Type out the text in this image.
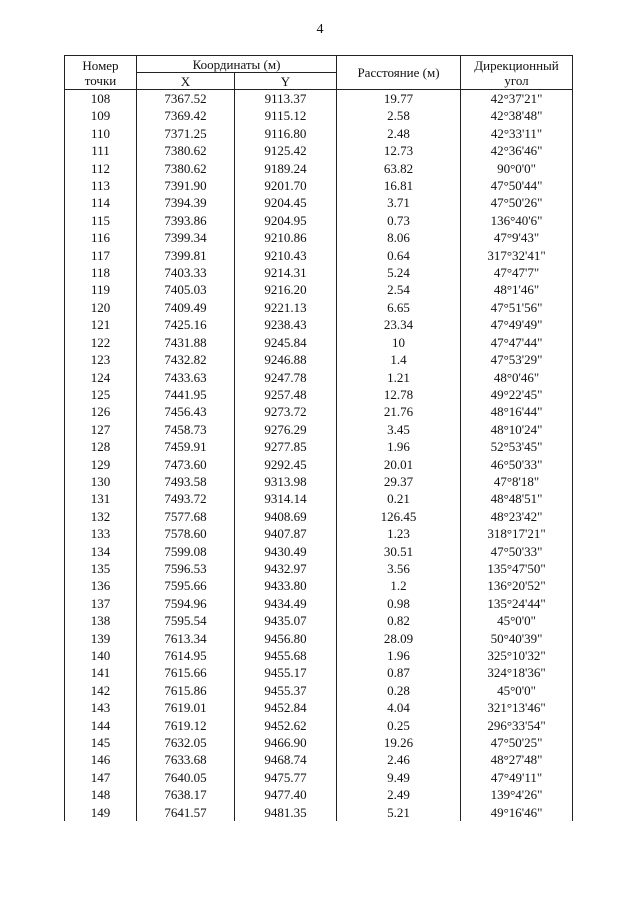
4
Номер
точки	Координаты (м)		Расстояние (м)	Дирекционный
угол
	X	Y		
108	7367.52	9113.37	19.77	42°37'21"
109	7369.42	9115.12	2.58	42°38'48"
110	7371.25	9116.80	2.48	42°33'11"
111	7380.62	9125.42	12.73	42°36'46"
112	7380.62	9189.24	63.82	90°0'0"
113	7391.90	9201.70	16.81	47°50'44"
114	7394.39	9204.45	3.71	47°50'26"
115	7393.86	9204.95	0.73	136°40'6"
116	7399.34	9210.86	8.06	47°9'43"
117	7399.81	9210.43	0.64	317°32'41"
118	7403.33	9214.31	5.24	47°47'7"
119	7405.03	9216.20	2.54	48°1'46"
120	7409.49	9221.13	6.65	47°51'56"
121	7425.16	9238.43	23.34	47°49'49"
122	7431.88	9245.84	10	47°47'44"
123	7432.82	9246.88	1.4	47°53'29"
124	7433.63	9247.78	1.21	48°0'46"
125	7441.95	9257.48	12.78	49°22'45"
126	7456.43	9273.72	21.76	48°16'44"
127	7458.73	9276.29	3.45	48°10'24"
128	7459.91	9277.85	1.96	52°53'45"
129	7473.60	9292.45	20.01	46°50'33"
130	7493.58	9313.98	29.37	47°8'18"
131	7493.72	9314.14	0.21	48°48'51"
132	7577.68	9408.69	126.45	48°23'42"
133	7578.60	9407.87	1.23	318°17'21"
134	7599.08	9430.49	30.51	47°50'33"
135	7596.53	9432.97	3.56	135°47'50"
136	7595.66	9433.80	1.2	136°20'52"
137	7594.96	9434.49	0.98	135°24'44"
138	7595.54	9435.07	0.82	45°0'0"
139	7613.34	9456.80	28.09	50°40'39"
140	7614.95	9455.68	1.96	325°10'32"
141	7615.66	9455.17	0.87	324°18'36"
142	7615.86	9455.37	0.28	45°0'0"
143	7619.01	9452.84	4.04	321°13'46"
144	7619.12	9452.62	0.25	296°33'54"
145	7632.05	9466.90	19.26	47°50'25"
146	7633.68	9468.74	2.46	48°27'48"
147	7640.05	9475.77	9.49	47°49'11"
148	7638.17	9477.40	2.49	139°4'26"
149	7641.57	9481.35	5.21	49°16'46"
